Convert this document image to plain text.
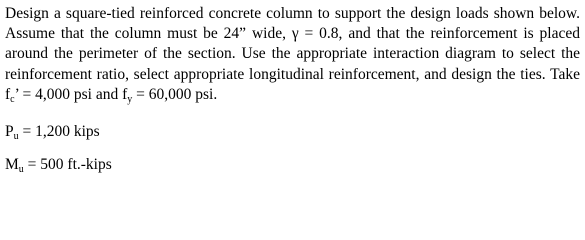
Design a square-tied reinforced concrete column to support the design loads shown below. Assume that the column must be 24” wide, γ = 0.8, and that the reinforcement is placed around the perimeter of the section. Use the appropriate interaction diagram to select the reinforcement ratio, select appropriate longitudinal reinforcement, and design the ties. Take $f_c$’ = 4,000 psi and $f_y = 60,000$ psi.

$P_u = 1,200$ kips

$M_u = 500$ ft.-kips
